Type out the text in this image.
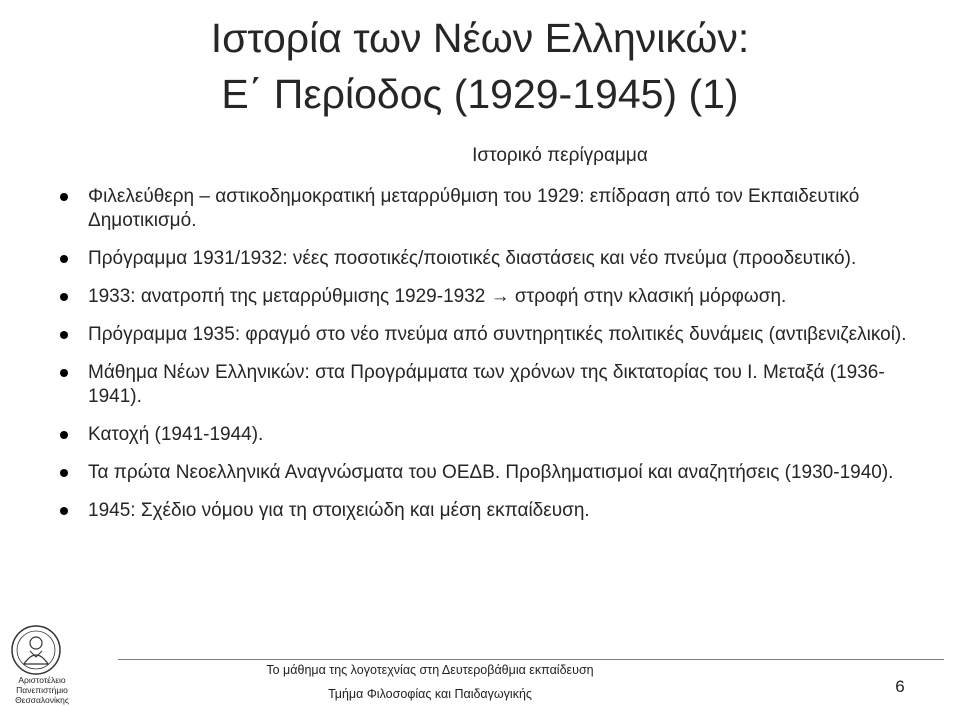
Ιστορία των Νέων Ελληνικών:
Ε΄ Περίοδος (1929-1945) (1)
Ιστορικό περίγραμμα
Φιλελεύθερη – αστικοδημοκρατική μεταρρύθμιση του 1929: επίδραση από τον Εκπαιδευτικό Δημοτικισμό.
Πρόγραμμα 1931/1932: νέες ποσοτικές/ποιοτικές διαστάσεις και νέο πνεύμα (προοδευτικό).
1933: ανατροπή της μεταρρύθμισης 1929-1932 → στροφή στην κλασική μόρφωση.
Πρόγραμμα 1935: φραγμό στο νέο πνεύμα από συντηρητικές πολιτικές δυνάμεις (αντιβενιζελικοί).
Μάθημα Νέων Ελληνικών: στα Προγράμματα των χρόνων της δικτατορίας του Ι. Μεταξά (1936-1941).
Κατοχή (1941-1944).
Τα πρώτα Νεοελληνικά Αναγνώσματα του ΟΕΔΒ. Προβληματισμοί και αναζητήσεις (1930-1940).
1945: Σχέδιο νόμου για τη στοιχειώδη και μέση εκπαίδευση.
Αριστοτέλειο
Πανεπιστήμιο
Θεσσαλονίκης
Το μάθημα της λογοτεχνίας στη Δευτεροβάθμια εκπαίδευση
Τμήμα Φιλοσοφίας και Παιδαγωγικής	6
